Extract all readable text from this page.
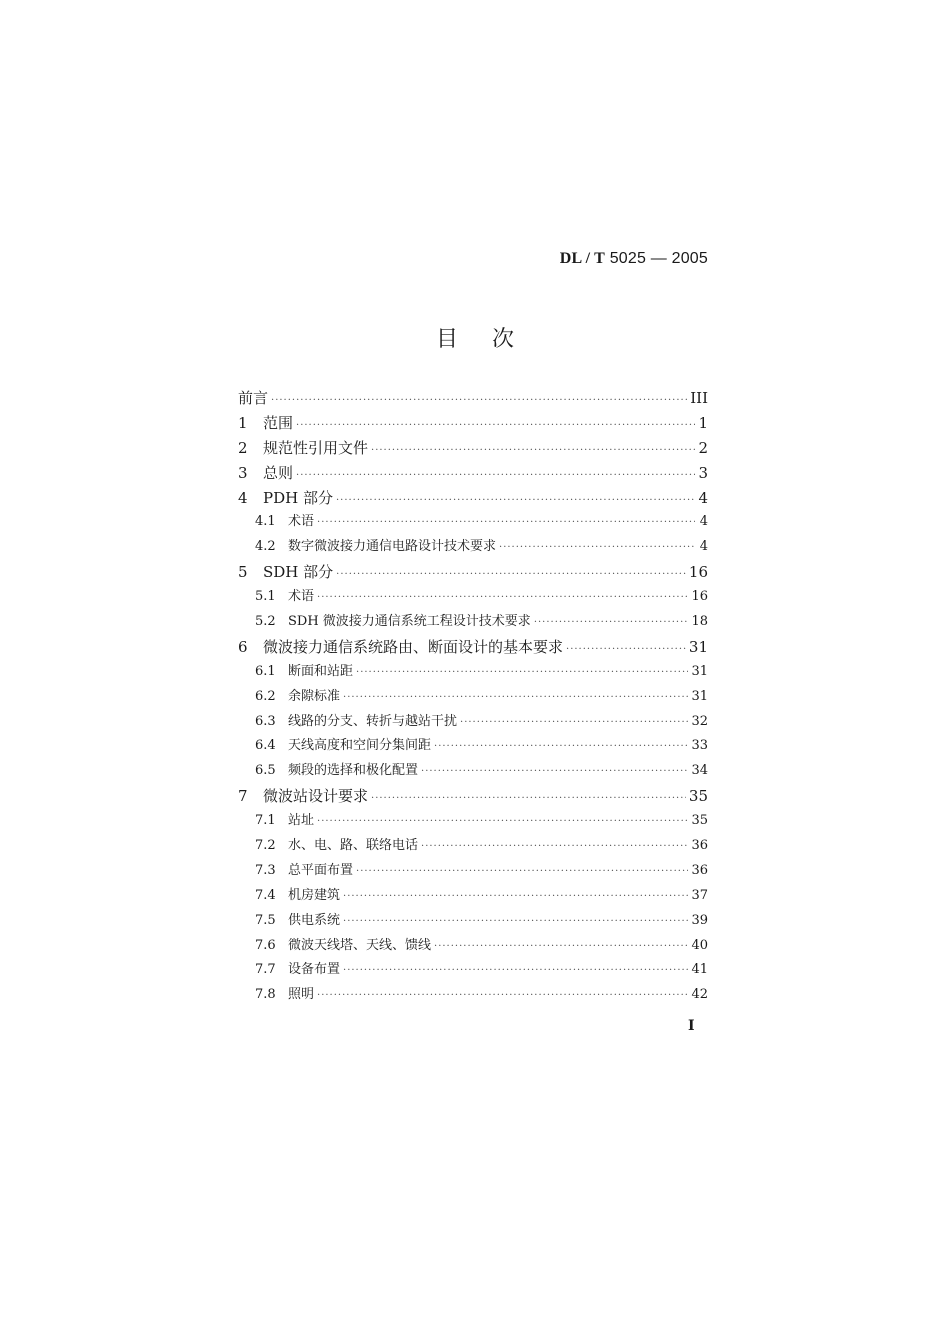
DL / T 5025 — 2005
目次
前言 ·····	III
1	范围 ·····	1
2	规范性引用文件 ·····	2
3	总则 ·····	3
4	PDH 部分 ·····	4
4.1 术语 ·····	4
4.2 数字微波接力通信电路设计技术要求 ·····	4
5	SDH 部分 ·····	16
5.1 术语 ·····	16
5.2 SDH 微波接力通信系统工程设计技术要求 ·····	18
6	微波接力通信系统路由、断面设计的基本要求 ·····	31
6.1 断面和站距 ·····	31
6.2 余隙标准 ·····	31
6.3 线路的分支、转折与越站干扰 ·····	32
6.4 天线高度和空间分集间距 ·····	33
6.5 频段的选择和极化配置 ·····	34
7	微波站设计要求 ·····	35
7.1 站址 ·····	35
7.2 水、电、路、联络电话 ·····	36
7.3 总平面布置 ·····	36
7.4 机房建筑 ·····	37
7.5 供电系统 ·····	39
7.6 微波天线塔、天线、馈线 ·····	40
7.7 设备布置 ·····	41
7.8 照明 ·····	42
I
